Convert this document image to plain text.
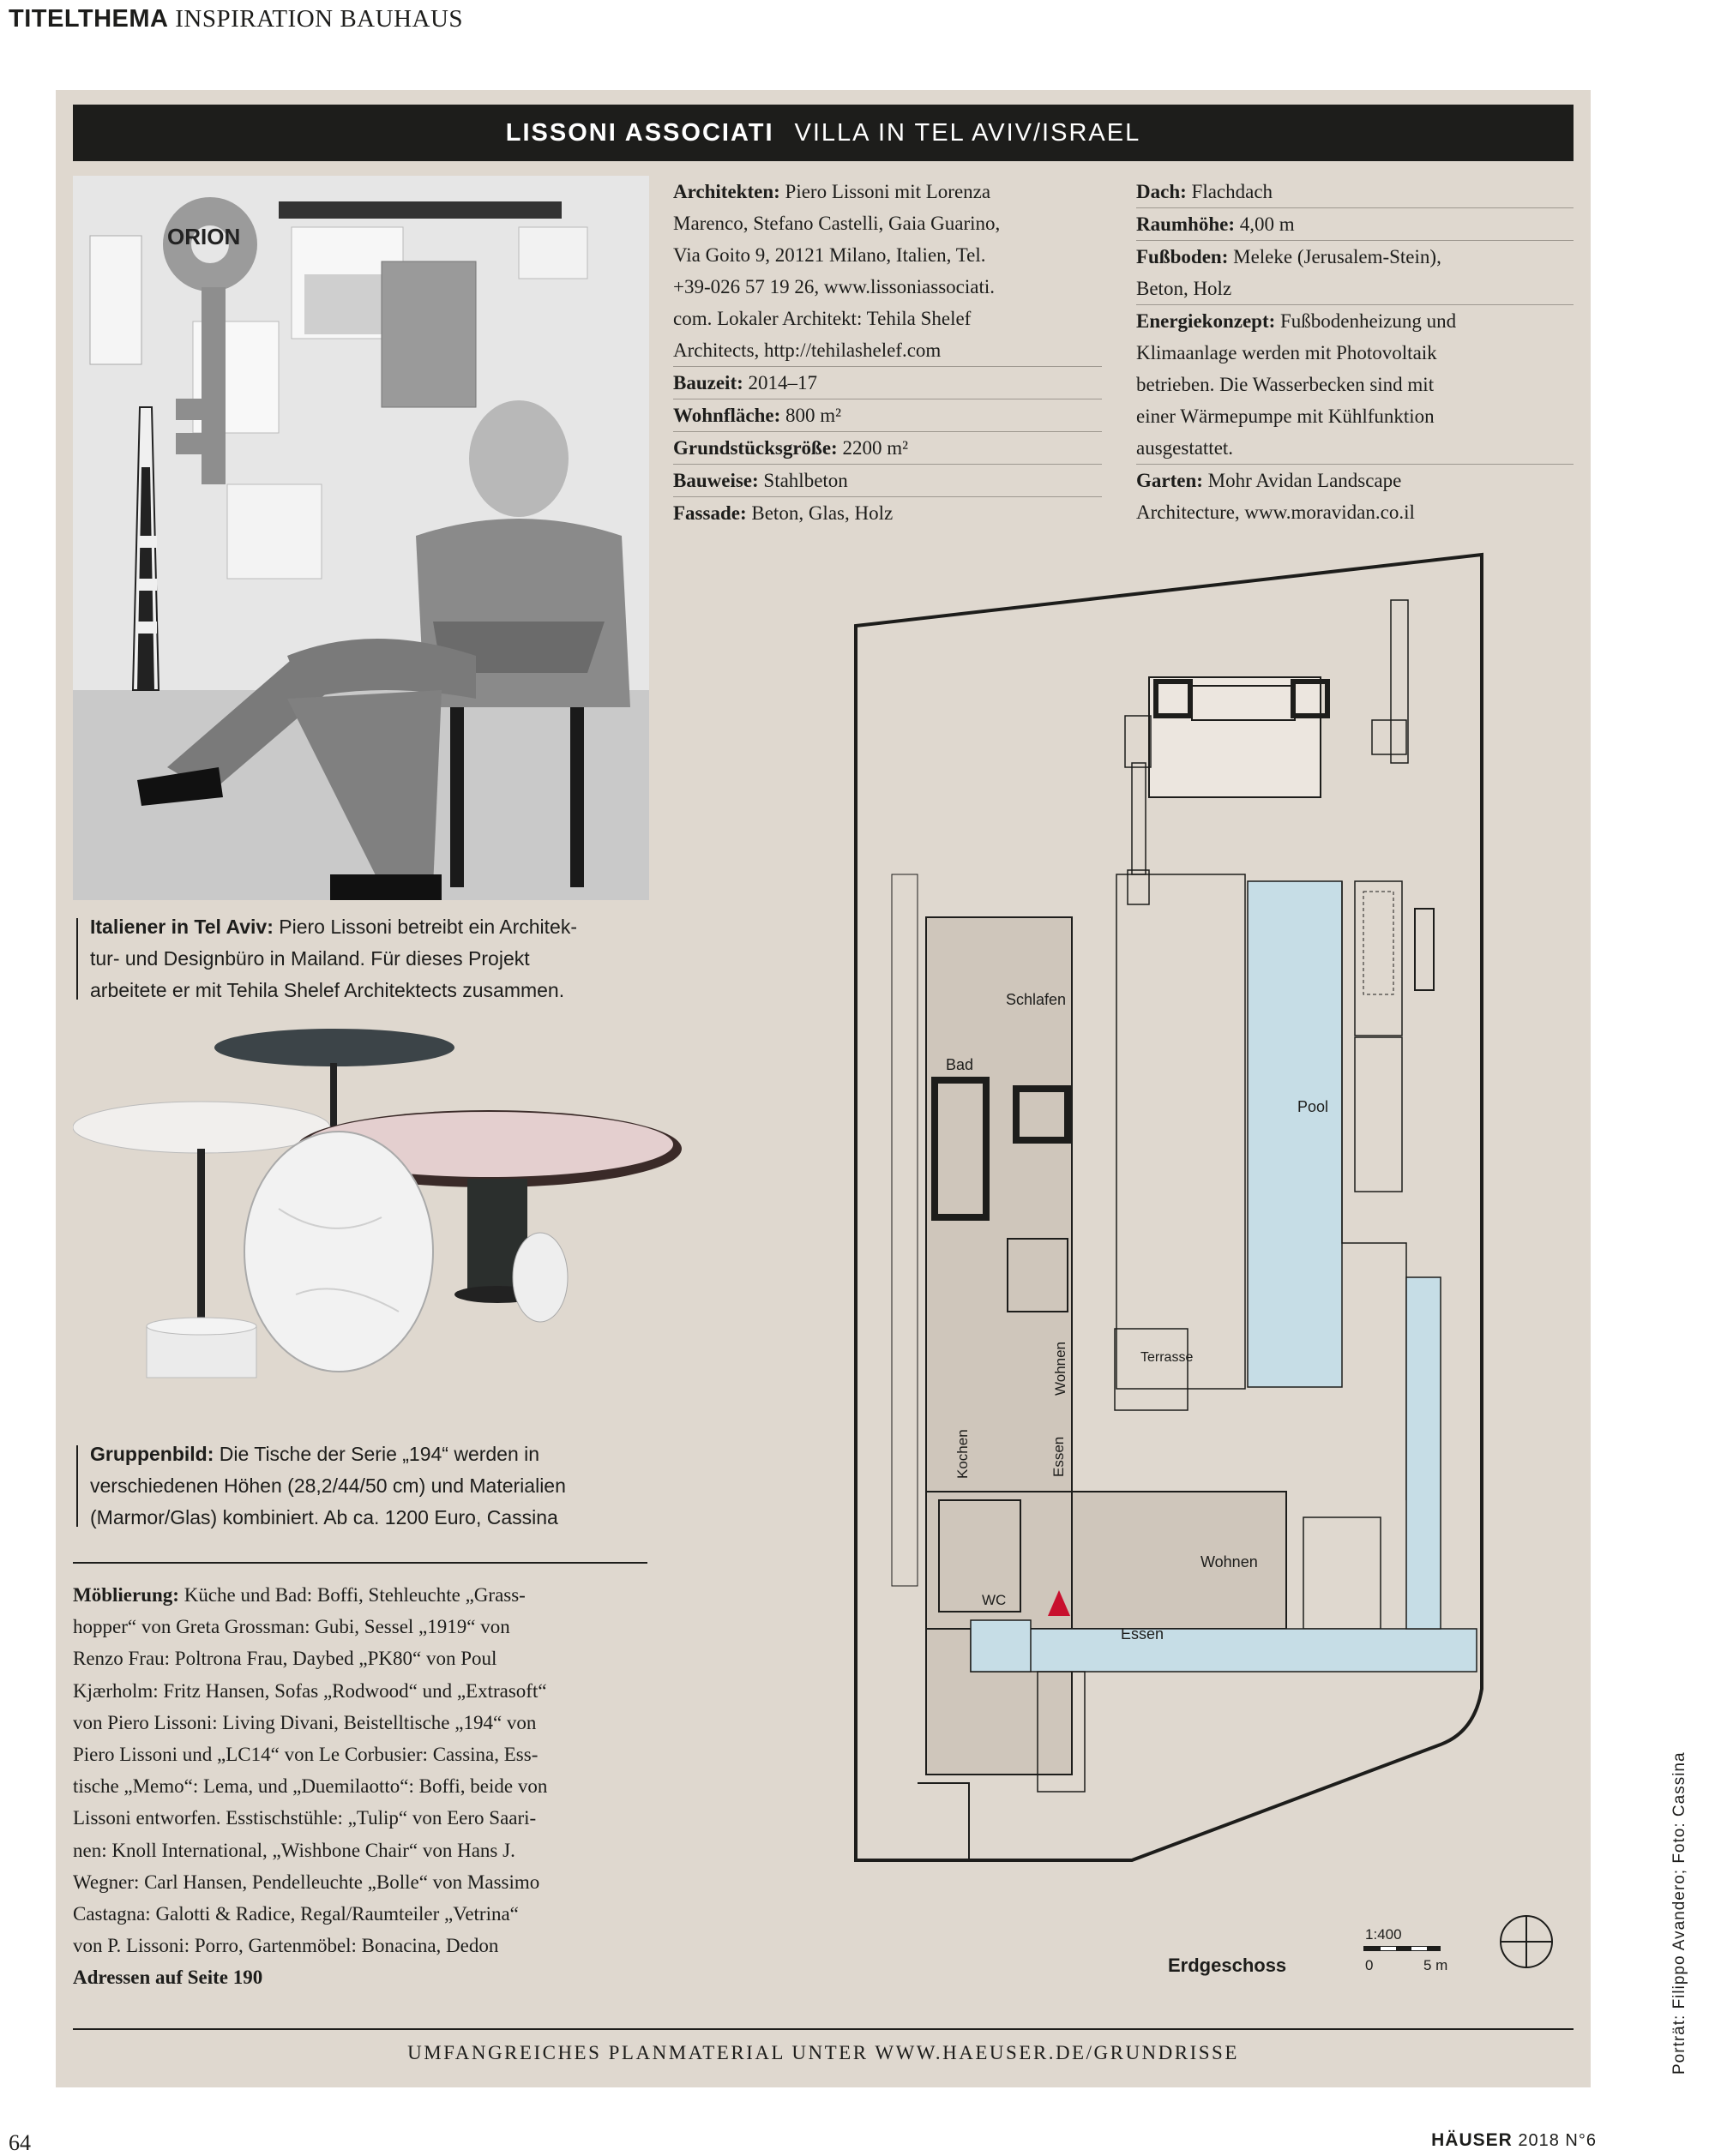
TITELTHEMA INSPIRATION BAUHAUS
LISSONI ASSOCIATI VILLA IN TEL AVIV/ISRAEL
ORION
Architekten: Piero Lissoni mit Lorenza
Marenco, Stefano Castelli, Gaia Guarino,
Via Goito 9, 20121 Milano, Italien, Tel.
+39-026 57 19 26, www.lissoniassociati.
com. Lokaler Architekt: Tehila Shelef
Architects, http://tehilashelef.com
Bauzeit: 2014–17
Wohnfläche: 800 m²
Grundstücksgröße: 2200 m²
Bauweise: Stahlbeton
Fassade: Beton, Glas, Holz
Dach: Flachdach
Raumhöhe: 4,00 m
Fußboden: Meleke (Jerusalem-Stein),
Beton, Holz
Energiekonzept: Fußbodenheizung und
Klimaanlage werden mit Photovoltaik
betrieben. Die Wasserbecken sind mit
einer Wärmepumpe mit Kühlfunktion
ausgestattet.
Garten: Mohr Avidan Landscape
Architecture, www.moravidan.co.il
Italiener in Tel Aviv: Piero Lissoni betreibt ein Architek-
tur- und Designbüro in Mailand. Für dieses Projekt
arbeitete er mit Tehila Shelef Architektects zusammen.
Gruppenbild: Die Tische der Serie „194“ werden in
verschiedenen Höhen (28,2/44/50 cm) und Materialien
(Marmor/Glas) kombiniert. Ab ca. 1200 Euro, Cassina
Möblierung: Küche und Bad: Boffi, Stehleuchte „Grass-
hopper“ von Greta Grossman: Gubi, Sessel „1919“ von
Renzo Frau: Poltrona Frau, Daybed „PK80“ von Poul
Kjærholm: Fritz Hansen, Sofas „Rodwood“ und „Extrasoft“
von Piero Lissoni: Living Divani, Beistelltische „194“ von
Piero Lissoni und „LC14“ von Le Corbusier: Cassina, Ess-
tische „Memo“: Lema, und „Duemilaotto“: Boffi, beide von
Lissoni entworfen. Esstischstühle: „Tulip“ von Eero Saari-
nen: Knoll International, „Wishbone Chair“ von Hans J.
Wegner: Carl Hansen, Pendelleuchte „Bolle“ von Massimo
Castagna: Galotti & Radice, Regal/Raumteiler „Vetrina“
von P. Lissoni: Porro, Gartenmöbel: Bonacina, Dedon
Adressen auf Seite 190
1:400
0	5 m
Schlafen
Bad
Pool
Terrasse
Wohnen
Kochen	Essen
Wohnen
WC
Essen
Erdgeschoss
UMFANGREICHES PLANMATERIAL UNTER WWW.HAEUSER.DE/GRUNDRISSE
64	HÄUSER 2018 N°6
Porträt: Filippo Avandero; Foto: Cassina
